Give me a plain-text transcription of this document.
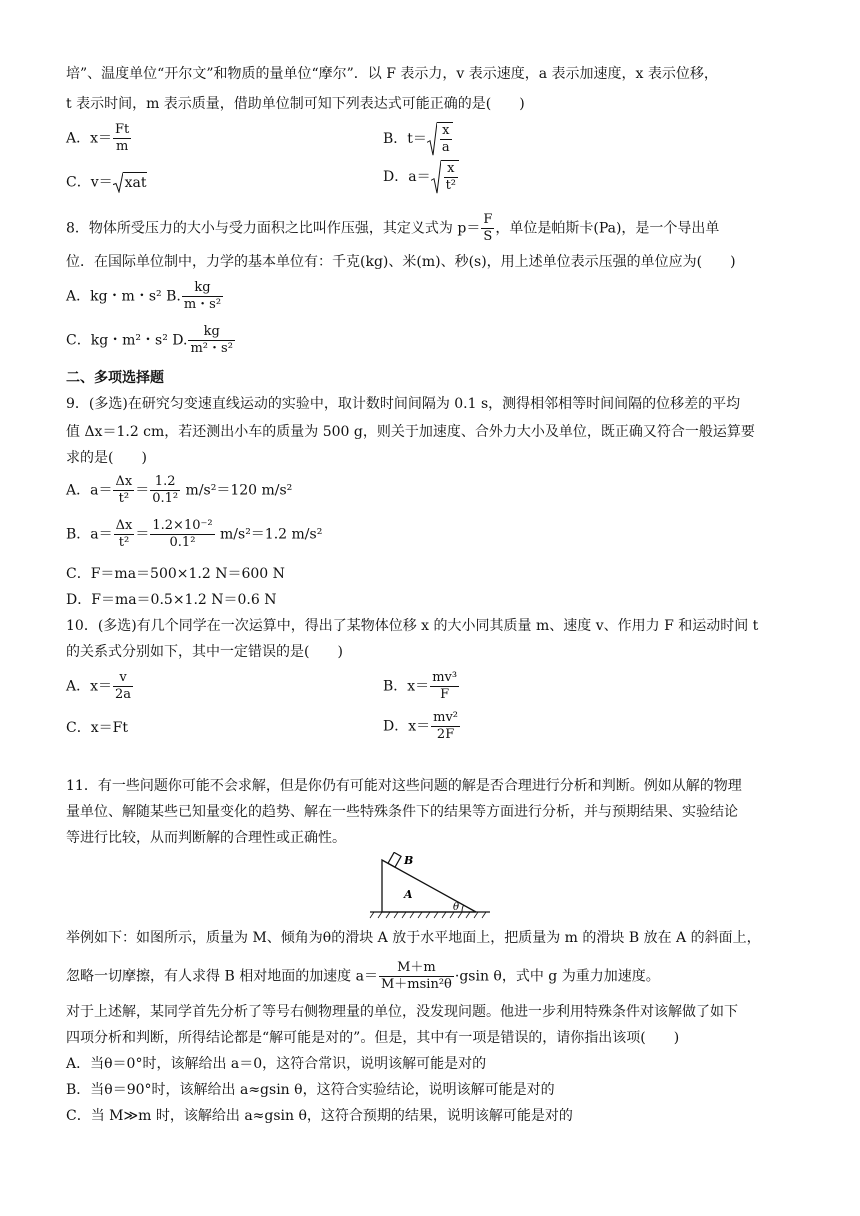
培”、温度单位“开尔文”和物质的量单位“摩尔”．以 F 表示力，v 表示速度，a 表示加速度，x 表示位移，
t 表示时间，m 表示质量，借助单位制可知下列表达式可能正确的是(　　)
A．$x= \frac{Ft}{m}$	B．$t= \frac{x}{a}$
C．v＝ xat	D．$a= \frac{x}{\text{t²}}$
8．物体所受压力的大小与受力面积之比叫作压强，其定义式为 $p= \frac{F}{S}$ ，单位是帕斯卡(Pa)，是一个导出单
位．在国际单位制中，力学的基本单位有：千克(kg)、米(m)、秒(s)，用上述单位表示压强的单位应为(　　)
A．kg・m・s² B. $\frac{kg}{\text{m・s²}}$
C．kg・m²・s² D. $\frac{kg}{\text{m²・s²}}$
二、多项选择题
9．(多选)在研究匀变速直线运动的实验中，取计数时间间隔为 0.1 s，测得相邻相等时间间隔的位移差的平均
值 Δx＝1.2 cm，若还测出小车的质量为 500 g，则关于加速度、合外力大小及单位，既正确又符合一般运算要
求的是(　　)
A．$a= \frac{\Delta x}{\text{t²}} = \frac{1.2}{\text{0.1²}} m/s^2=120$ m/s²
B．$a= \frac{\Delta x}{\text{t²}} = \frac{\text{1.2×10⁻²}}{\text{0.1²}} m/s^2=1.2$ m/s²
C．F＝ma＝500×1.2 N＝600 N
D．F＝ma＝0.5×1.2 N＝0.6 N
10．(多选)有几个同学在一次运算中，得出了某物体位移 x 的大小同其质量 m、速度 v、作用力 F 和运动时间 t
的关系式分别如下，其中一定错误的是(　　)
A．$x= \frac{v}{2a}$	B．$x= \frac{\text{mv³}}{F}$
C．x＝Ft	D．$x= \frac{\text{mv²}}{2F}$
11．有一些问题你可能不会求解，但是你仍有可能对这些问题的解是否合理进行分析和判断。例如从解的物理
量单位、解随某些已知量变化的趋势、解在一些特殊条件下的结果等方面进行分析，并与预期结果、实验结论
等进行比较，从而判断解的合理性或正确性。
B
A
θ
举例如下：如图所示，质量为 M、倾角为θ的滑块 A 放于水平地面上，把质量为 m 的滑块 B 放在 A 的斜面上，
忽略一切摩擦，有人求得 B 相对地面的加速度 $a= \frac{M+m}{\text{M＋msin²θ}} \cdot gsin$ θ，式中 g 为重力加速度。
对于上述解，某同学首先分析了等号右侧物理量的单位，没发现问题。他进一步利用特殊条件对该解做了如下
四项分析和判断，所得结论都是“解可能是对的”。但是，其中有一项是错误的，请你指出该项(　　)
A．当θ＝0°时，该解给出 a＝0，这符合常识，说明该解可能是对的
B．当θ＝90°时，该解给出 a≈gsin θ，这符合实验结论，说明该解可能是对的
C．当 M≫m 时，该解给出 a≈gsin θ，这符合预期的结果，说明该解可能是对的
